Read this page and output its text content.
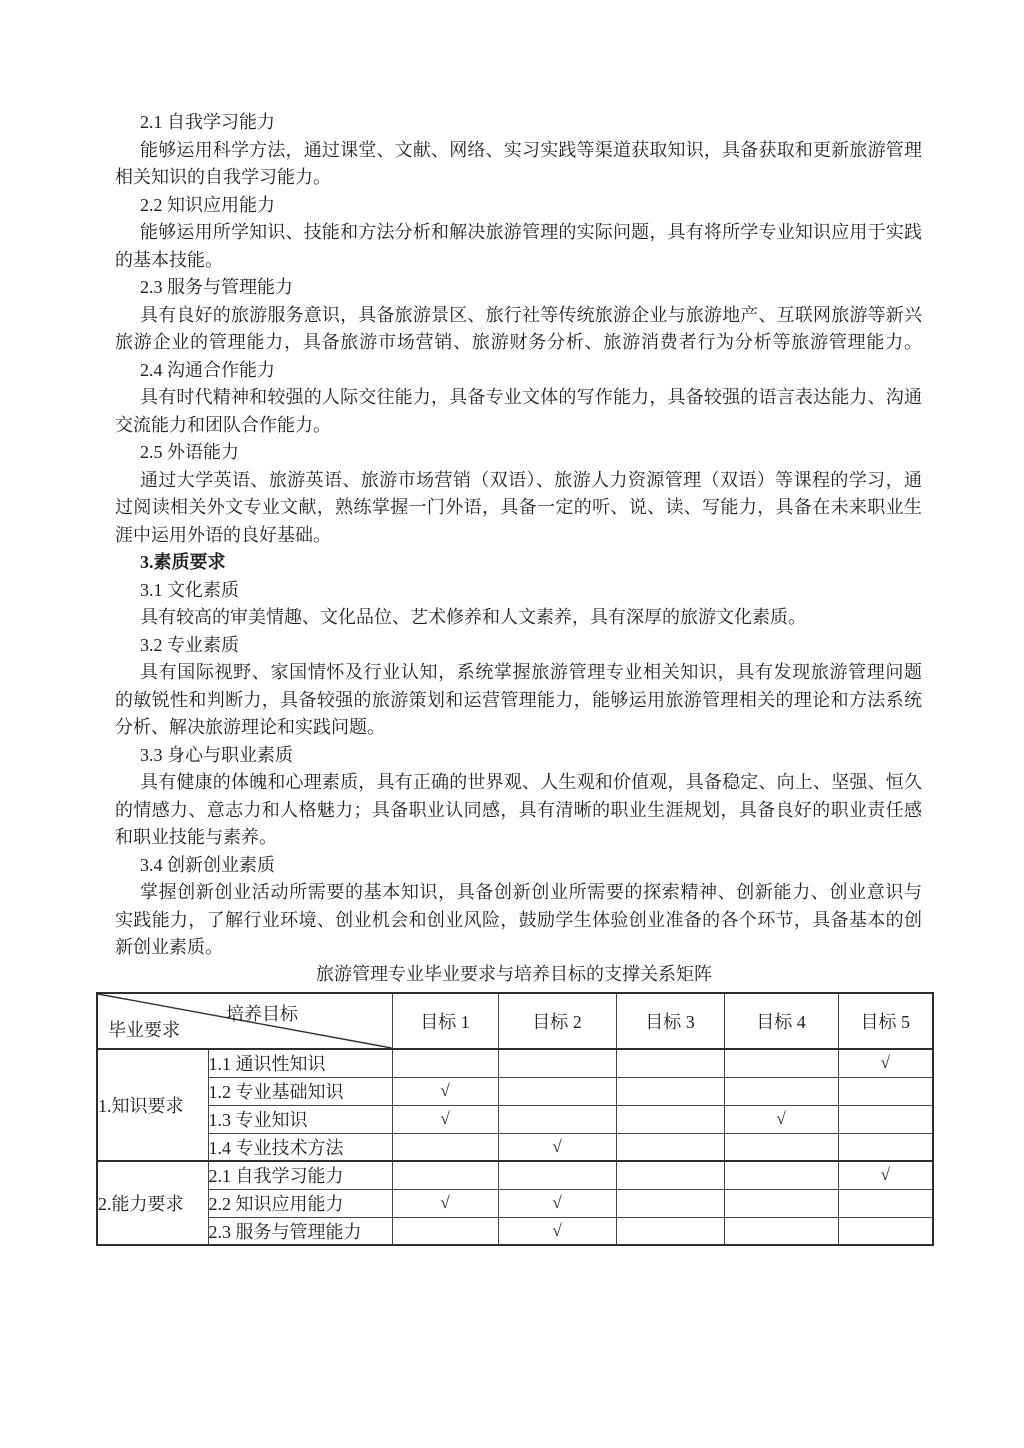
2.1 自我学习能力
能够运用科学方法，通过课堂、文献、网络、实习实践等渠道获取知识，具备获取和更新旅游管理
相关知识的自我学习能力。
2.2 知识应用能力
能够运用所学知识、技能和方法分析和解决旅游管理的实际问题，具有将所学专业知识应用于实践
的基本技能。
2.3 服务与管理能力
具有良好的旅游服务意识，具备旅游景区、旅行社等传统旅游企业与旅游地产、互联网旅游等新兴
旅游企业的管理能力，具备旅游市场营销、旅游财务分析、旅游消费者行为分析等旅游管理能力。
2.4 沟通合作能力
具有时代精神和较强的人际交往能力，具备专业文体的写作能力，具备较强的语言表达能力、沟通
交流能力和团队合作能力。
2.5 外语能力
通过大学英语、旅游英语、旅游市场营销（双语）、旅游人力资源管理（双语）等课程的学习，通
过阅读相关外文专业文献，熟练掌握一门外语，具备一定的听、说、读、写能力，具备在未来职业生
涯中运用外语的良好基础。
3.素质要求
3.1 文化素质
具有较高的审美情趣、文化品位、艺术修养和人文素养，具有深厚的旅游文化素质。
3.2 专业素质
具有国际视野、家国情怀及行业认知，系统掌握旅游管理专业相关知识，具有发现旅游管理问题
的敏锐性和判断力，具备较强的旅游策划和运营管理能力，能够运用旅游管理相关的理论和方法系统
分析、解决旅游理论和实践问题。
3.3 身心与职业素质
具有健康的体魄和心理素质，具有正确的世界观、人生观和价值观，具备稳定、向上、坚强、恒久
的情感力、意志力和人格魅力；具备职业认同感，具有清晰的职业生涯规划，具备良好的职业责任感
和职业技能与素养。
3.4 创新创业素质
掌握创新创业活动所需要的基本知识，具备创新创业所需要的探索精神、创新能力、创业意识与
实践能力，了解行业环境、创业机会和创业风险，鼓励学生体验创业准备的各个环节，具备基本的创
新创业素质。
旅游管理专业毕业要求与培养目标的支撑关系矩阵
培养目标
毕业要求		目标 1	目标 2	目标 3	目标 4	目标 5
1.知识要求	1.1 通识性知识					√
	1.2 专业基础知识	√				
	1.3 专业知识	√			√	
	1.4 专业技术方法		√			
2.能力要求	2.1 自我学习能力					√
	2.2 知识应用能力	√	√			
	2.3 服务与管理能力		√			
